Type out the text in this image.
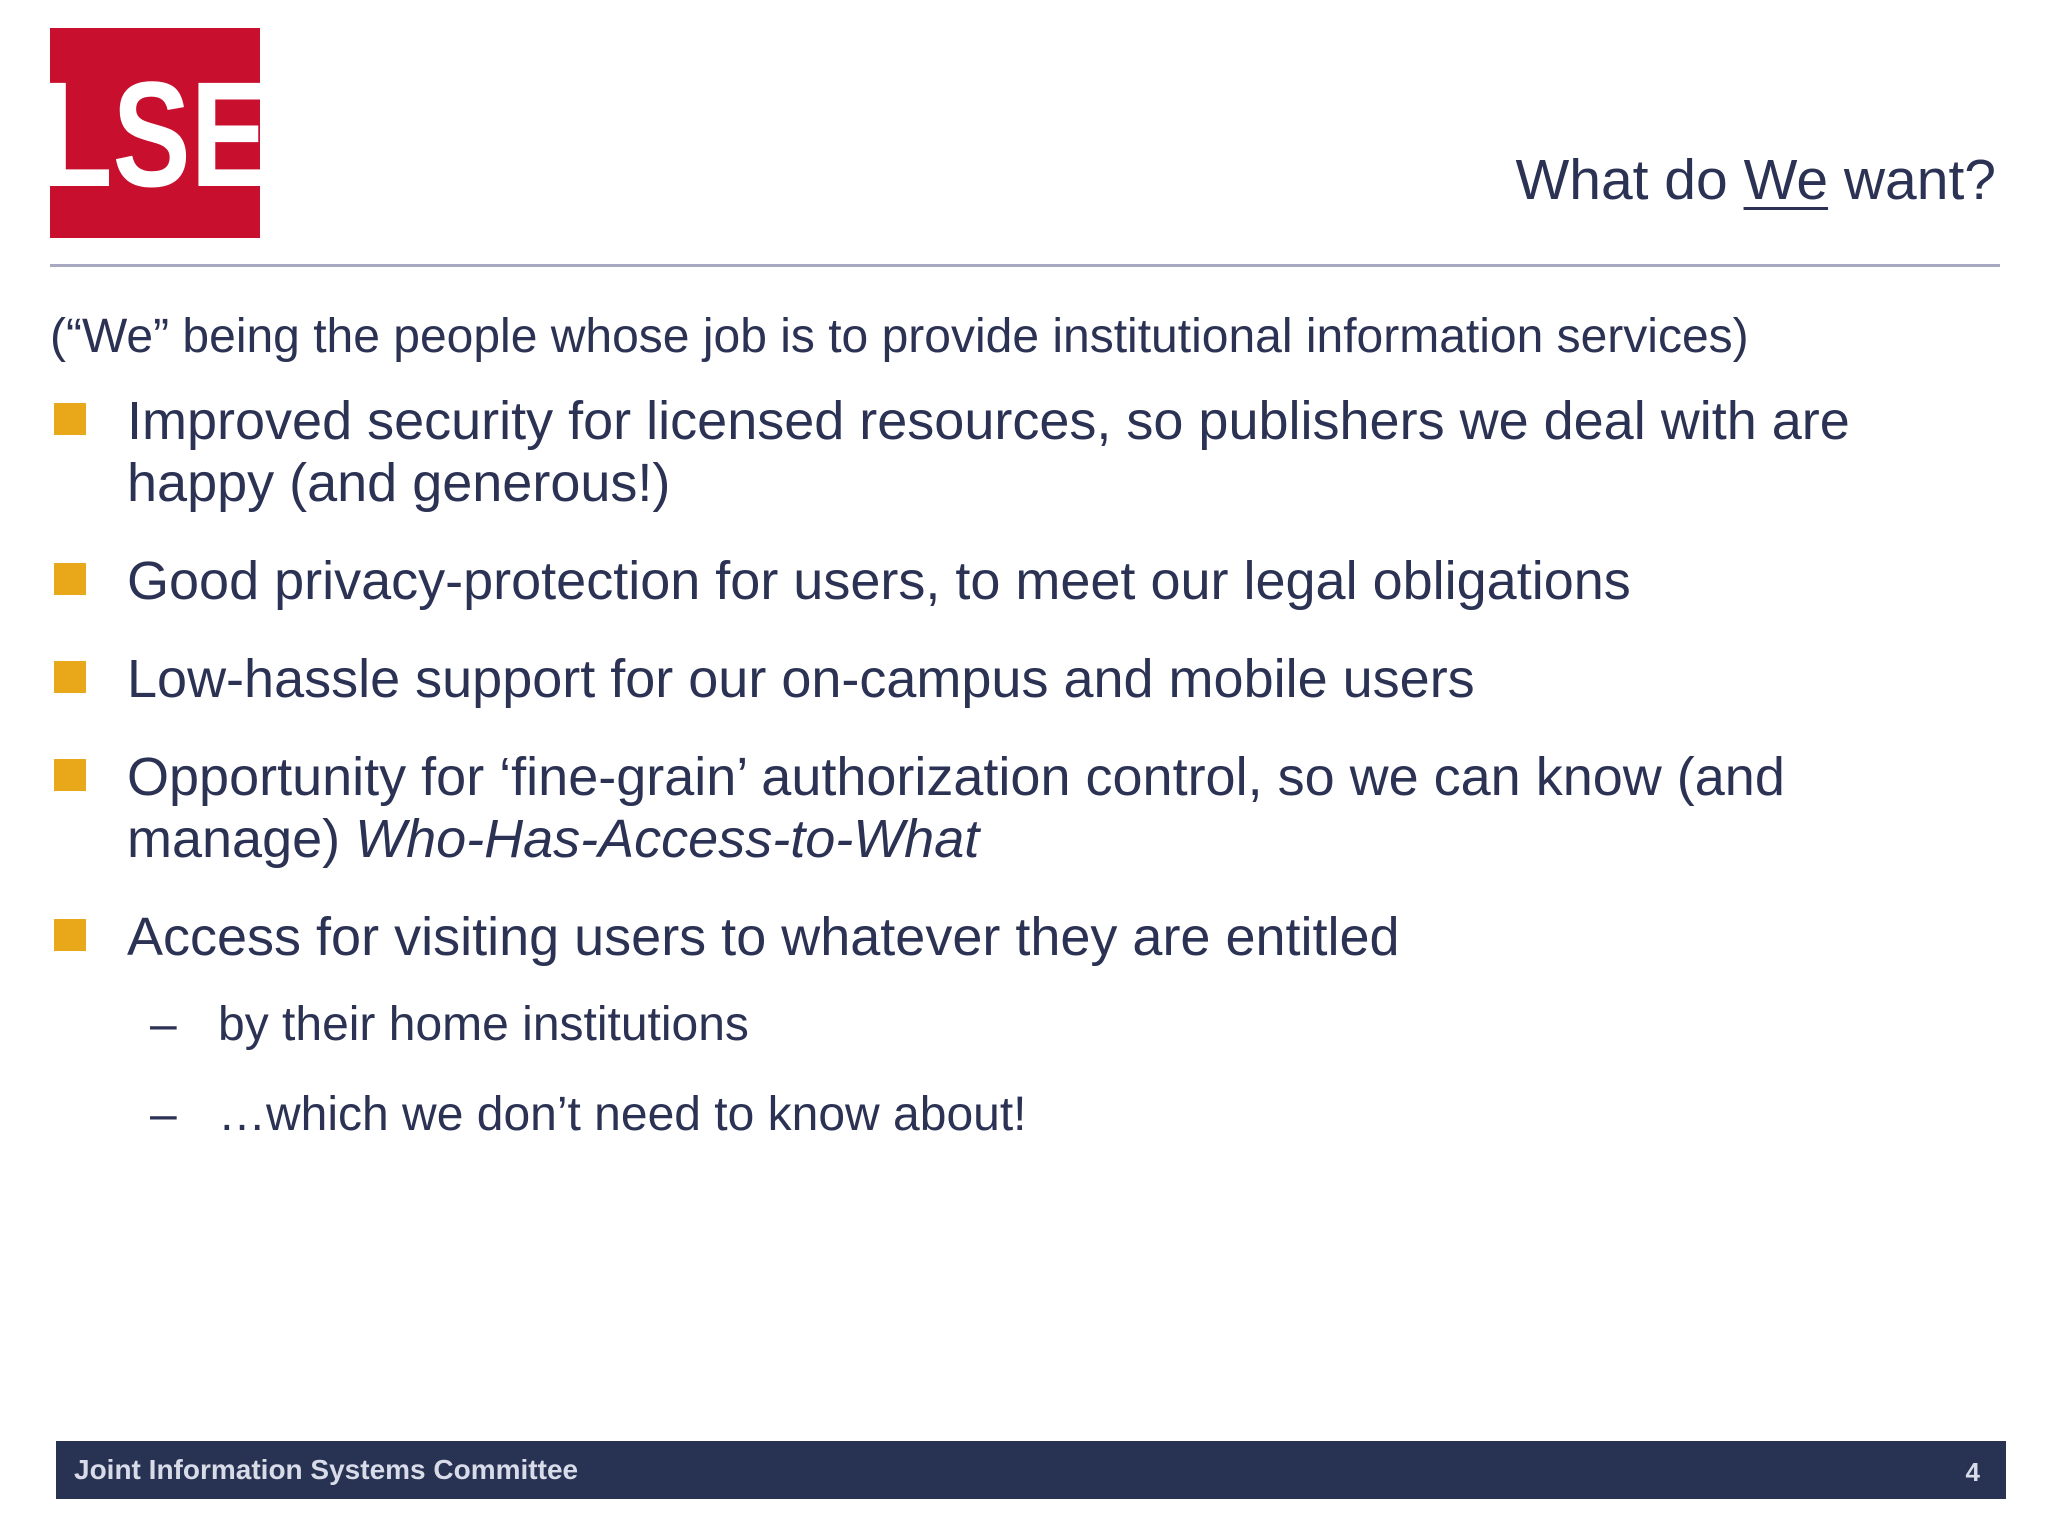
LSE	What do We want?

(“We” being the people whose job is to provide institutional information services)

Improved security for licensed resources, so publishers we deal with are happy (and generous!)
Good privacy-protection for users, to meet our legal obligations
Low-hassle support for our on-campus and mobile users
Opportunity for ‘fine-grain’ authorization control, so we can know (and manage) Who-Has-Access-to-What
Access for visiting users to whatever they are entitled
– by their home institutions
– …which we don’t need to know about!
Joint Information Systems Committee	4
